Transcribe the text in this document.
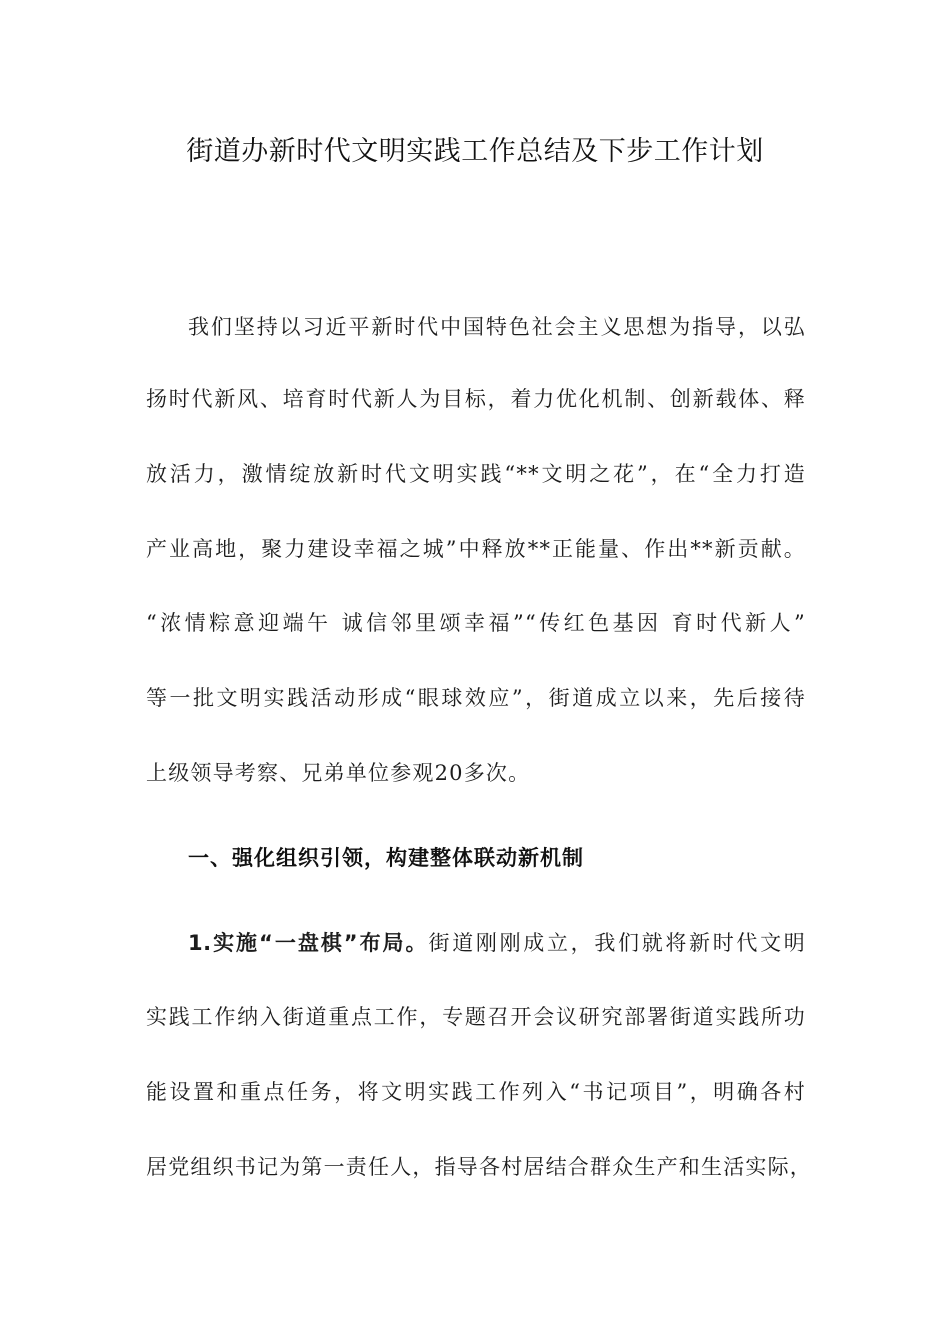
街道办新时代文明实践工作总结及下步工作计划
我们坚持以习近平新时代中国特色社会主义思想为指导，以弘
扬时代新风、培育时代新人为目标，着力优化机制、创新载体、释
放活力，激情绽放新时代文明实践“**文明之花”，在“全力打造
产业高地，聚力建设幸福之城”中释放**正能量、作出**新贡献。
“浓情粽意迎端午 诚信邻里颂幸福”“传红色基因 育时代新人”
等一批文明实践活动形成“眼球效应”，街道成立以来，先后接待
上级领导考察、兄弟单位参观20多次。
一、强化组织引领，构建整体联动新机制
1.实施“一盘棋”布局。街道刚刚成立，我们就将新时代文明
实践工作纳入街道重点工作，专题召开会议研究部署街道实践所功
能设置和重点任务，将文明实践工作列入“书记项目”，明确各村
居党组织书记为第一责任人，指导各村居结合群众生产和生活实际，
